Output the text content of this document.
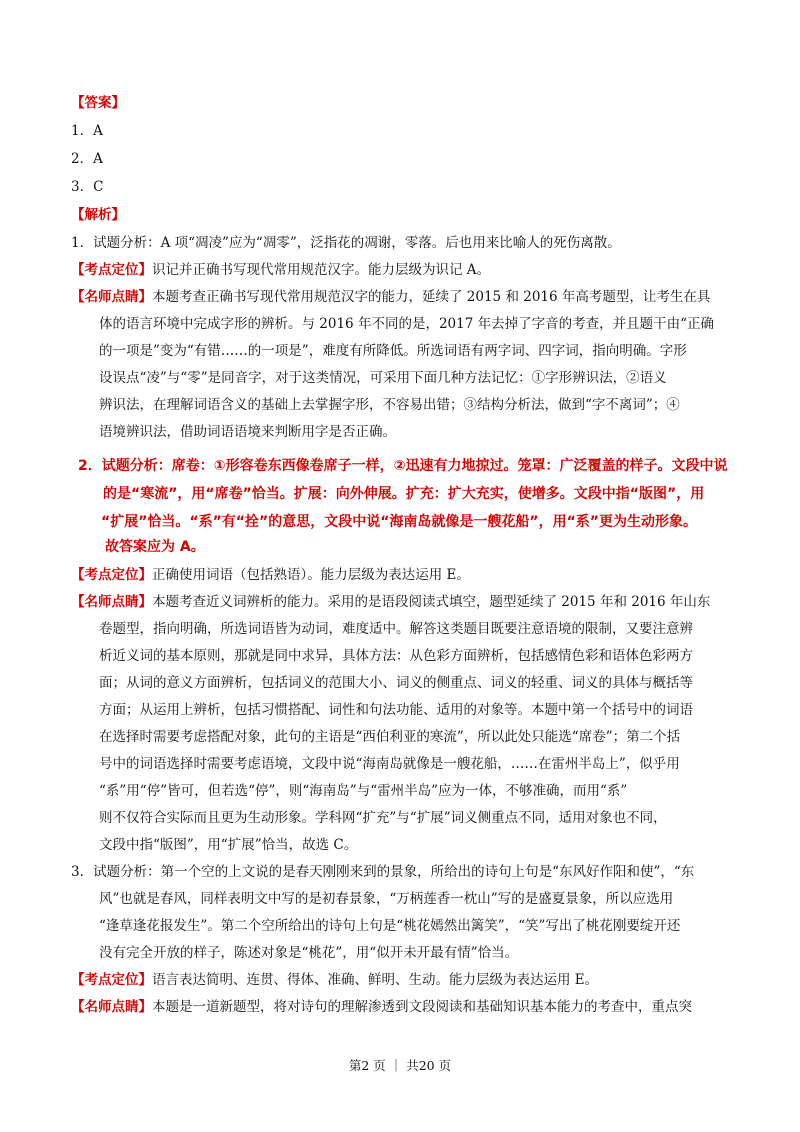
【答案】
1．A
2．A
3．C
【解析】
1．试题分析：A 项“凋凌”应为“凋零”，泛指花的凋谢，零落。后也用来比喻人的死伤离散。
【考点定位】识记并正确书写现代常用规范汉字。能力层级为识记 A。
【名师点睛】本题考查正确书写现代常用规范汉字的能力，延续了 2015 和 2016 年高考题型，让考生在具
体的语言环境中完成字形的辨析。与 2016 年不同的是，2017 年去掉了字音的考查，并且题干由“正确
的一项是”变为“有错……的一项是”，难度有所降低。所选词语有两字词、四字词，指向明确。字形
设误点“凌”与“零”是同音字，对于这类情况，可采用下面几种方法记忆：①字形辨识法，②语义
辨识法，在理解词语含义的基础上去掌握字形，不容易出错；③结构分析法，做到“字不离词”；④
语境辨识法，借助词语语境来判断用字是否正确。
2．试题分析：席卷：①形容卷东西像卷席子一样，②迅速有力地掠过。笼罩：广泛覆盖的样子。文段中说
的是“寒流”，用“席卷”恰当。扩展：向外伸展。扩充：扩大充实，使增多。文段中指“版图”，用
“扩展”恰当。“系”有“拴”的意思，文段中说“海南岛就像是一艘花船”，用“系”更为生动形象。
故答案应为 A。
【考点定位】正确使用词语（包括熟语）。能力层级为表达运用 E。
【名师点睛】本题考查近义词辨析的能力。采用的是语段阅读式填空，题型延续了 2015 年和 2016 年山东
卷题型，指向明确，所选词语皆为动词，难度适中。解答这类题目既要注意语境的限制，又要注意辨
析近义词的基本原则，那就是同中求异，具体方法：从色彩方面辨析，包括感情色彩和语体色彩两方
面；从词的意义方面辨析，包括词义的范围大小、词义的侧重点、词义的轻重、词义的具体与概括等
方面；从运用上辨析，包括习惯搭配、词性和句法功能、适用的对象等。本题中第一个括号中的词语
在选择时需要考虑搭配对象，此句的主语是“西伯利亚的寒流”，所以此处只能选“席卷”；第二个括
号中的词语选择时需要考虑语境，文段中说“海南岛就像是一艘花船，……在雷州半岛上”，似乎用
“系”用“停”皆可，但若选“停”，则“海南岛”与“雷州半岛”应为一体，不够准确，而用“系”
则不仅符合实际而且更为生动形象。学科网“扩充”与“扩展”词义侧重点不同，适用对象也不同，
文段中指“版图”，用“扩展”恰当，故选 C。
3．试题分析：第一个空的上文说的是春天刚刚来到的景象，所给出的诗句上句是“东风好作阳和使”，“东
风”也就是春风，同样表明文中写的是初春景象，“万柄莲香一枕山”写的是盛夏景象，所以应选用
“逢草逢花报发生”。第二个空所给出的诗句上句是“桃花嫣然出篱笑”，“笑”写出了桃花刚要绽开还
没有完全开放的样子，陈述对象是“桃花”，用“似开未开最有情”恰当。
【考点定位】语言表达简明、连贯、得体、准确、鲜明、生动。能力层级为表达运用 E。
【名师点睛】本题是一道新题型，将对诗句的理解渗透到文段阅读和基础知识基本能力的考查中，重点突
第2 页 ｜ 共20 页
